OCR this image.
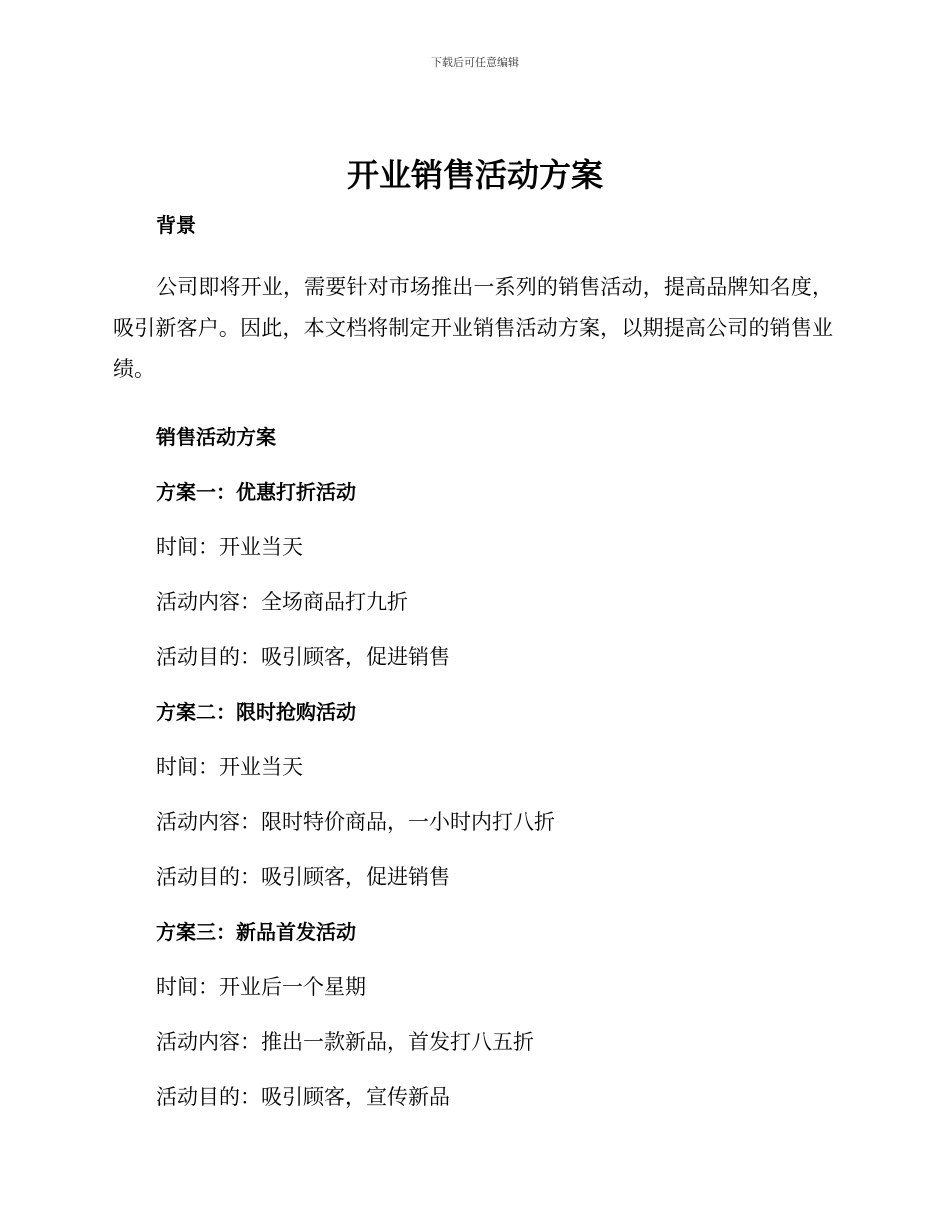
下载后可任意编辑
开业销售活动方案
背景

公司即将开业，需要针对市场推出一系列的销售活动，提高品牌知名度，吸引新客户。因此，本文档将制定开业销售活动方案，以期提高公司的销售业绩。

销售活动方案
方案一：优惠打折活动
时间：开业当天
活动内容：全场商品打九折
活动目的：吸引顾客，促进销售
方案二：限时抢购活动
时间：开业当天
活动内容：限时特价商品，一小时内打八折
活动目的：吸引顾客，促进销售
方案三：新品首发活动
时间：开业后一个星期
活动内容：推出一款新品，首发打八五折
活动目的：吸引顾客，宣传新品
